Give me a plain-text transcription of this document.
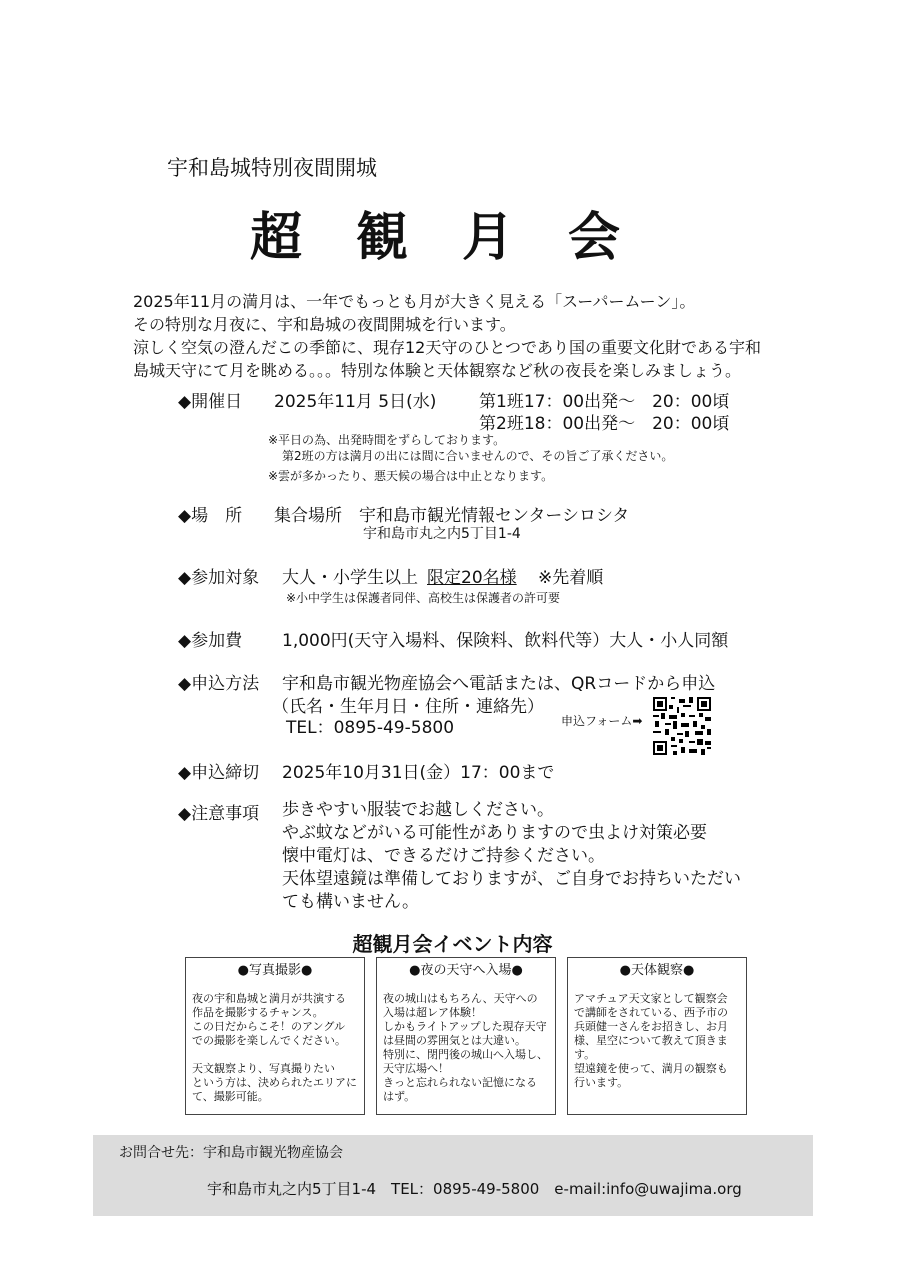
宇和島城特別夜間開城
超観月会
2025年11月の満月は、一年でもっとも月が大きく見える「スーパームーン」。
その特別な月夜に、宇和島城の夜間開城を行います。
涼しく空気の澄んだこの季節に、現存12天守のひとつであり国の重要文化財である宇和
島城天守にて月を眺める。。。特別な体験と天体観察など秋の夜長を楽しみましょう。
◆開催日 2025年11月 5日(水)	第1班17：00出発～　20：00頃
第2班18：00出発～　20：00頃
※平日の為、出発時間をずらしております。
第2班の方は満月の出には間に合いませんので、その旨ご了承ください。
※雲が多かったり、悪天候の場合は中止となります。
◆場　所 集合場所　宇和島市観光情報センターシロシタ
宇和島市丸之内5丁目1-4
◆参加対象 大人・小学生以上 限定20名様 ※先着順
※小中学生は保護者同伴、高校生は保護者の許可要
◆参加費 1,000円(天守入場料、保険料、飲料代等）大人・小人同額
◆申込方法 宇和島市観光物産協会へ電話または、QRコードから申込
（氏名・生年月日・住所・連絡先）
TEL：0895-49-5800	申込フォーム➡
◆申込締切 2025年10月31日(金）17：00まで
◆注意事項 歩きやすい服装でお越しください。
やぶ蚊などがいる可能性がありますので虫よけ対策必要
懐中電灯は、できるだけご持参ください。
天体望遠鏡は準備しておりますが、ご自身でお持ちいただい
ても構いません。
超観月会イベント内容
●写真撮影●

夜の宇和島城と満月が共演する
作品を撮影するチャンス。
この日だからこそ！のアングル
での撮影を楽しんでください。

天文観察より、写真撮りたい
という方は、決められたエリアに
て、撮影可能。

●夜の天守へ入場●

夜の城山はもちろん、天守への
入場は超レア体験！
しかもライトアップした現存天守
は昼間の雰囲気とは大違い。
特別に、閉門後の城山へ入場し、
天守広場へ！
きっと忘れられない記憶になる
はず。

●天体観察●

アマチュア天文家として観察会
で講師をされている、西予市の
兵頭健一さんをお招きし、お月
様、星空について教えて頂きま
す。
望遠鏡を使って、満月の観察も
行います。

お問合せ先：宇和島市観光物産協会
宇和島市丸之内5丁目1-4　TEL：0895-49-5800　e-mail:info@uwajima.org
